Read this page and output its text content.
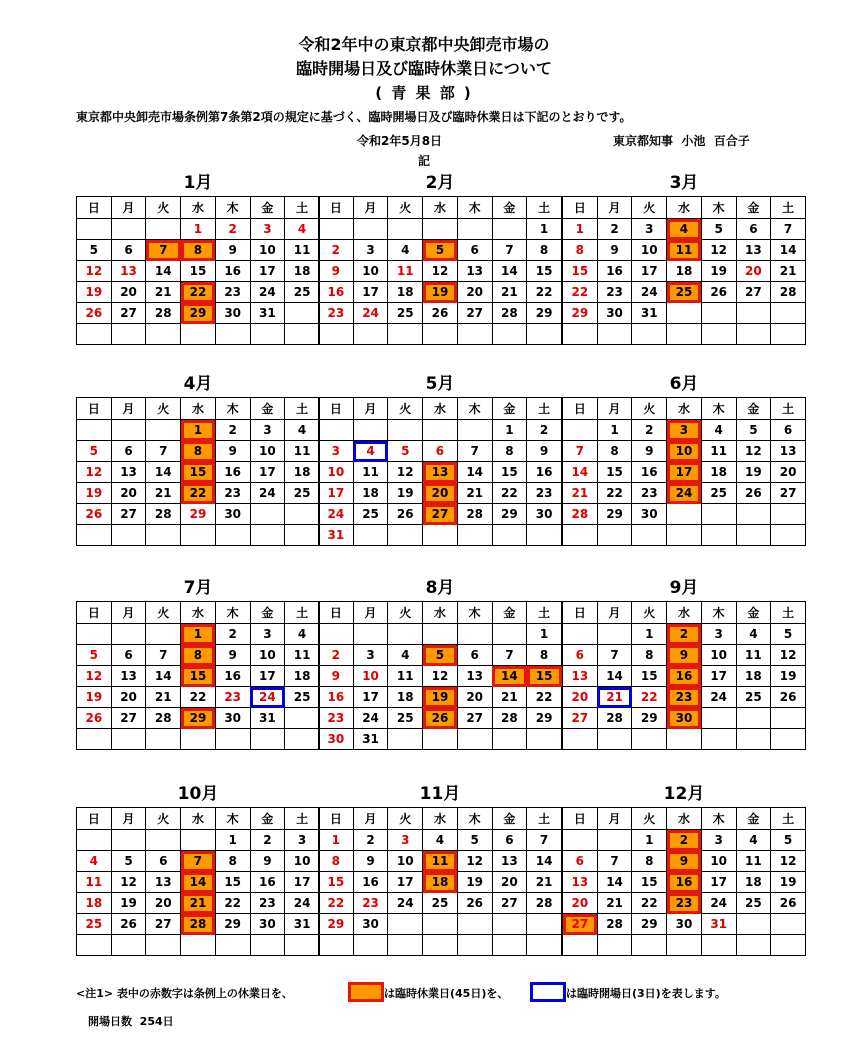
令和2年中の東京都中央卸売市場の
臨時開場日及び臨時休業日について
( 青 果 部 )
東京都中央卸売市場条例第7条第2項の規定に基づく、臨時開場日及び臨時休業日は下記のとおりです。
令和2年5月8日	東京都知事  小池  百合子
記
1月
日	月	火	水	木	金	土
			1	2	3	4
5	6	7	8	9	10	11
12	13	14	15	16	17	18
19	20	21	22	23	24	25
26	27	28	29	30	31	

2月
日	月	火	水	木	金	土
						1
2	3	4	5	6	7	8
9	10	11	12	13	14	15
16	17	18	19	20	21	22
23	24	25	26	27	28	29

3月
日	月	火	水	木	金	土
1	2	3	4	5	6	7
8	9	10	11	12	13	14
15	16	17	18	19	20	21
22	23	24	25	26	27	28
29	30	31				

4月
日	月	火	水	木	金	土
			1	2	3	4
5	6	7	8	9	10	11
12	13	14	15	16	17	18
19	20	21	22	23	24	25
26	27	28	29	30		

5月
日	月	火	水	木	金	土
					1	2
3	4	5	6	7	8	9
10	11	12	13	14	15	16
17	18	19	20	21	22	23
24	25	26	27	28	29	30
31						
6月
日	月	火	水	木	金	土
	1	2	3	4	5	6
7	8	9	10	11	12	13
14	15	16	17	18	19	20
21	22	23	24	25	26	27
28	29	30				

7月
日	月	火	水	木	金	土
			1	2	3	4
5	6	7	8	9	10	11
12	13	14	15	16	17	18
19	20	21	22	23	24	25
26	27	28	29	30	31	

8月
日	月	火	水	木	金	土
						1
2	3	4	5	6	7	8
9	10	11	12	13	14	15
16	17	18	19	20	21	22
23	24	25	26	27	28	29
30	31					
9月
日	月	火	水	木	金	土
		1	2	3	4	5
6	7	8	9	10	11	12
13	14	15	16	17	18	19
20	21	22	23	24	25	26
27	28	29	30			

10月
日	月	火	水	木	金	土
				1	2	3
4	5	6	7	8	9	10
11	12	13	14	15	16	17
18	19	20	21	22	23	24
25	26	27	28	29	30	31

11月
日	月	火	水	木	金	土
1	2	3	4	5	6	7
8	9	10	11	12	13	14
15	16	17	18	19	20	21
22	23	24	25	26	27	28
29	30					

12月
日	月	火	水	木	金	土
		1	2	3	4	5
6	7	8	9	10	11	12
13	14	15	16	17	18	19
20	21	22	23	24	25	26
27	28	29	30	31		

<注1> 表中の赤数字は条例上の休業日を、	は臨時休業日(45日)を、	は臨時開場日(3日)を表します。
開場日数  254日
